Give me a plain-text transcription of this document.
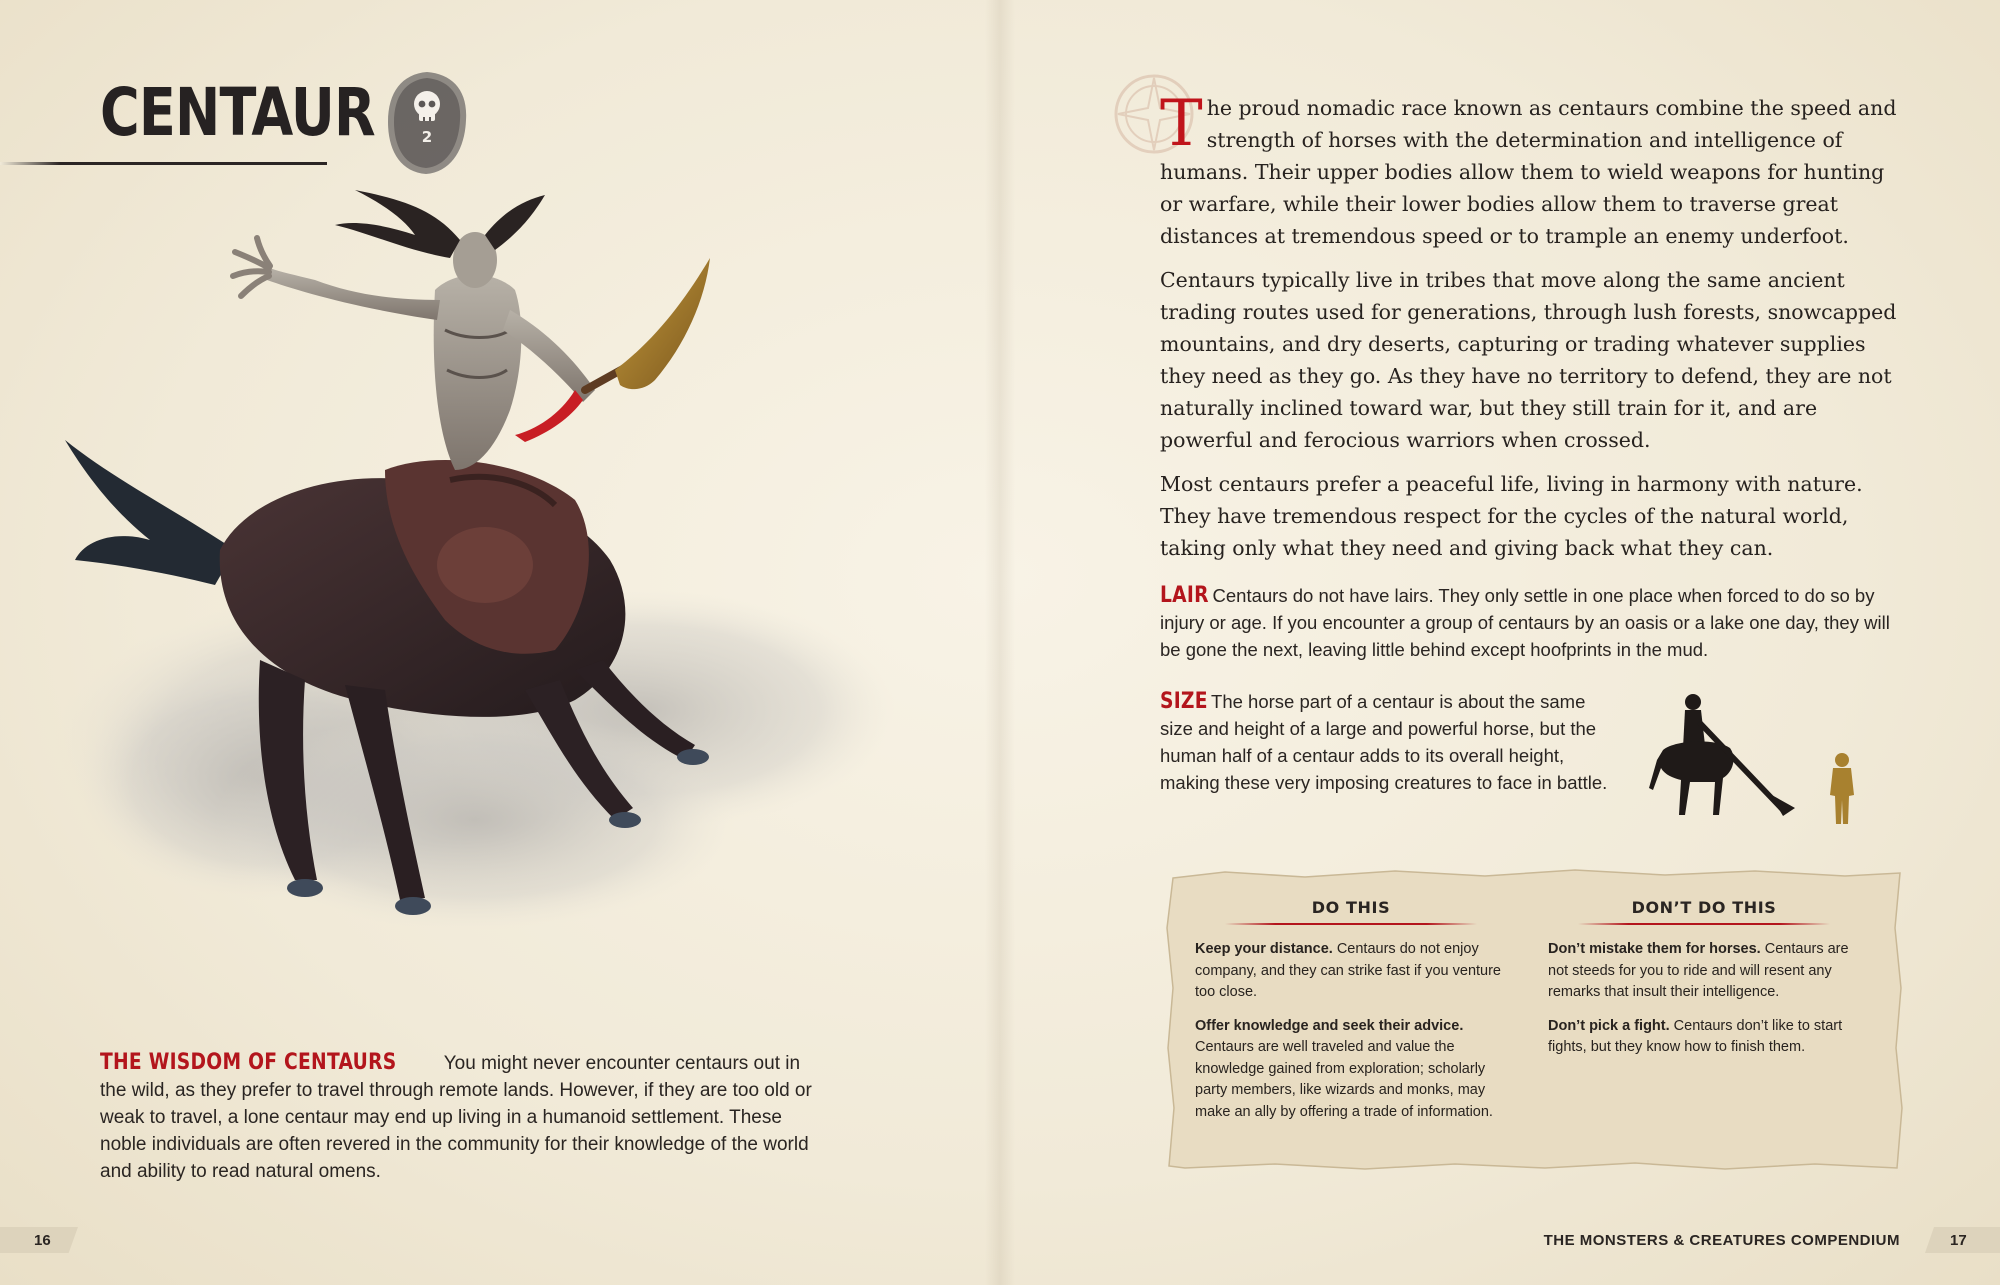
CENTAUR	2

THE WISDOM OF CENTAURS You might never encounter centaurs out in the wild, as they prefer to travel through remote lands. However, if they are too old or weak to travel, a lone centaur may end up living in a humanoid settlement. These noble individuals are often revered in the community for their knowledge of the world and ability to read natural omens.

16

The proud nomadic race known as centaurs combine the speed and strength of horses with the determination and intelligence of humans. Their upper bodies allow them to wield weapons for hunting or warfare, while their lower bodies allow them to traverse great distances at tremendous speed or to trample an enemy underfoot.

Centaurs typically live in tribes that move along the same ancient trading routes used for generations, through lush forests, snowcapped mountains, and dry deserts, capturing or trading whatever supplies they need as they go. As they have no territory to defend, they are not naturally inclined toward war, but they still train for it, and are powerful and ferocious warriors when crossed.

Most centaurs prefer a peaceful life, living in harmony with nature. They have tremendous respect for the cycles of the natural world, taking only what they need and giving back what they can.

LAIR Centaurs do not have lairs. They only settle in one place when forced to do so by injury or age. If you encounter a group of centaurs by an oasis or a lake one day, they will be gone the next, leaving little behind except hoofprints in the mud.

SIZE The horse part of a centaur is about the same size and height of a large and powerful horse, but the human half of a centaur adds to its overall height, making these very imposing creatures to face in battle.

DO THIS

Keep your distance. Centaurs do not enjoy company, and they can strike fast if you venture too close.

Offer knowledge and seek their advice. Centaurs are well traveled and value the knowledge gained from exploration; scholarly party members, like wizards and monks, may make an ally by offering a trade of information.

DON’T DO THIS

Don’t mistake them for horses. Centaurs are not steeds for you to ride and will resent any remarks that insult their intelligence.

Don’t pick a fight. Centaurs don’t like to start fights, but they know how to finish them.

THE MONSTERS & CREATURES COMPENDIUM	17
